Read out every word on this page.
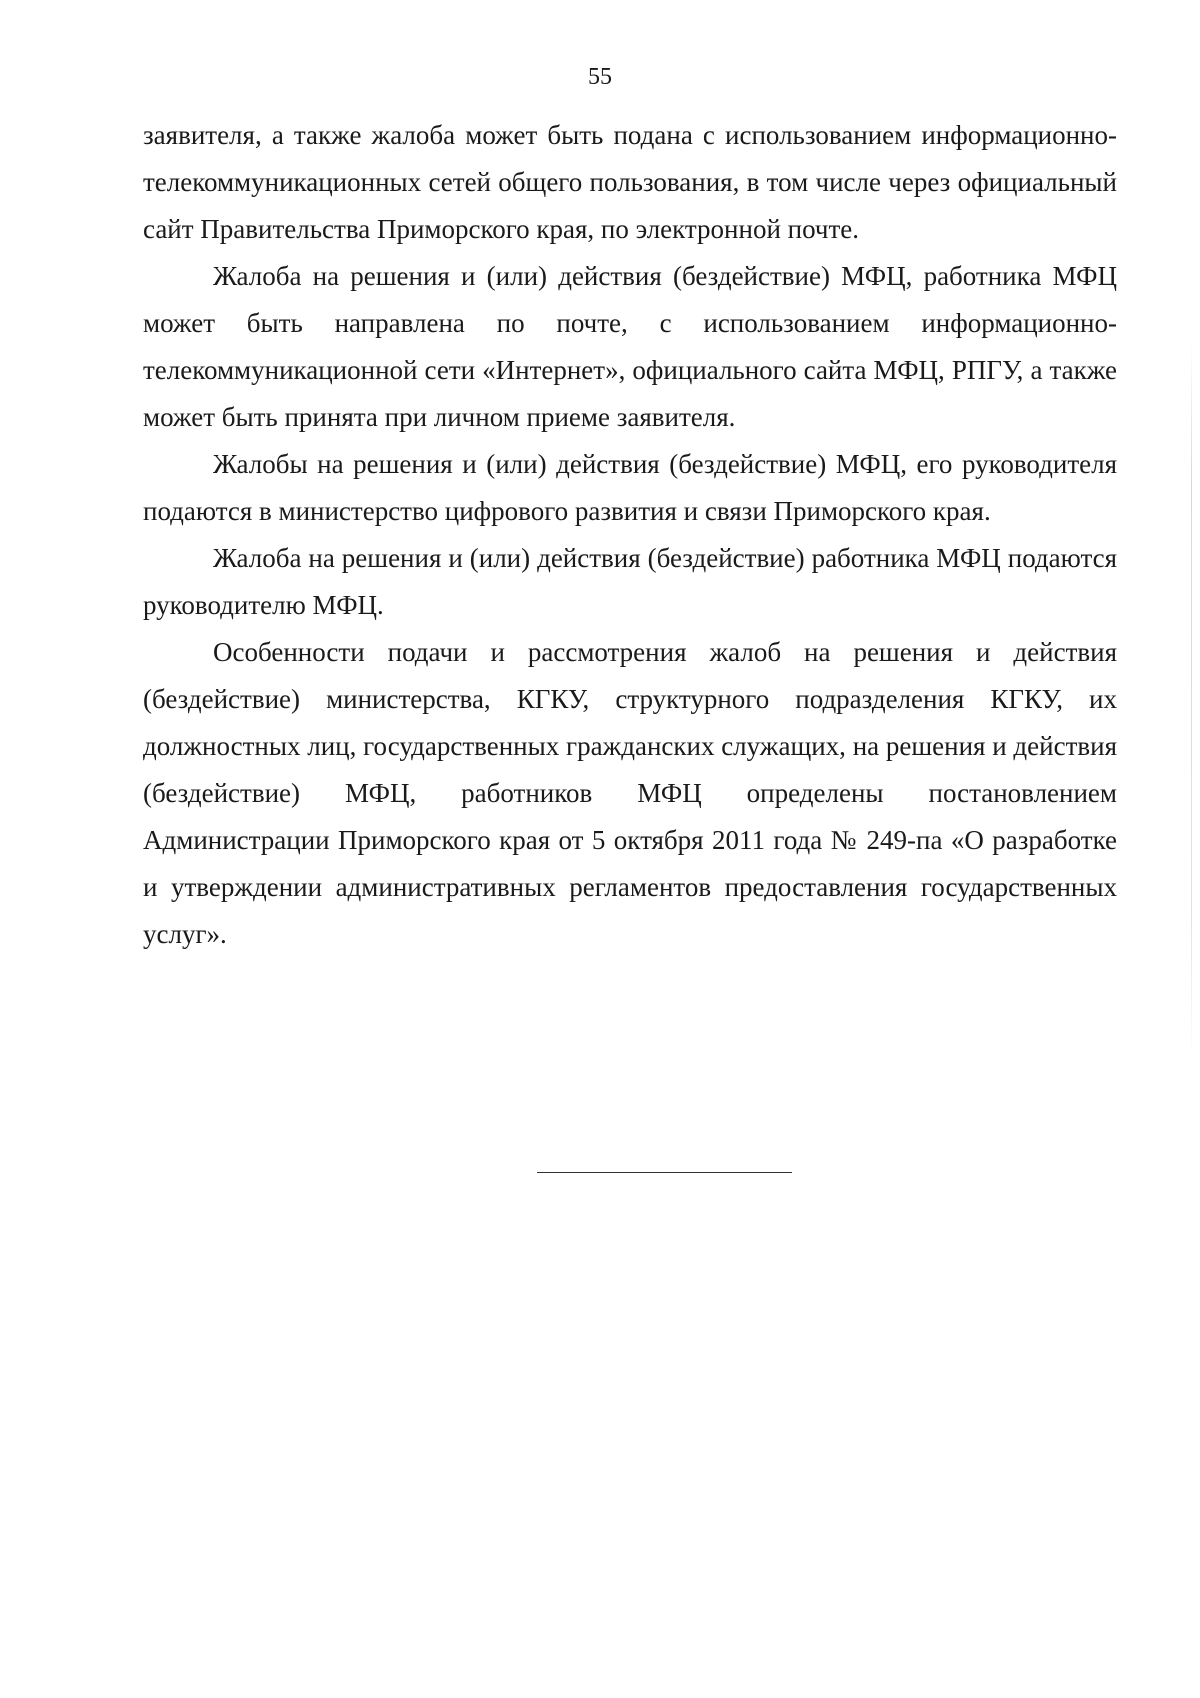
55

заявителя, а также жалоба может быть подана с использованием информационно-телекоммуникационных сетей общего пользования, в том числе через официальный сайт Правительства Приморского края, по электронной почте.

Жалоба на решения и (или) действия (бездействие) МФЦ, работника МФЦ может быть направлена по почте, с использованием информационно-телекоммуникационной сети «Интернет», официального сайта МФЦ, РПГУ, а также может быть принята при личном приеме заявителя.

Жалобы на решения и (или) действия (бездействие) МФЦ, его руководителя подаются в министерство цифрового развития и связи Приморского края.

Жалоба на решения и (или) действия (бездействие) работника МФЦ подаются руководителю МФЦ.

Особенности подачи и рассмотрения жалоб на решения и действия (бездействие) министерства, КГКУ, структурного подразделения КГКУ, их должностных лиц, государственных гражданских служащих, на решения и действия (бездействие) МФЦ, работников МФЦ определены постановлением Администрации Приморского края от 5 октября 2011 года № 249-па «О разработке и утверждении административных регламентов предоставления государственных услуг».
